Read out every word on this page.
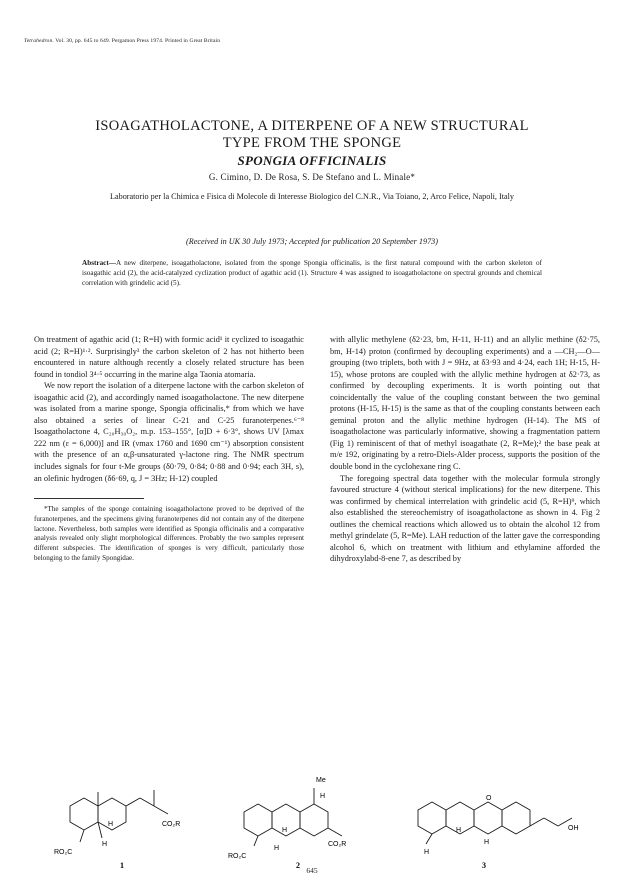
Tetrahedron. Vol. 30, pp. 645 to 649. Pergamon Press 1974. Printed in Great Britain
ISOAGATHOLACTONE, A DITERPENE OF A NEW STRUCTURAL
TYPE FROM THE SPONGE
SPONGIA OFFICINALIS
G. Cimino, D. De Rosa, S. De Stefano and L. Minale*
Laboratorio per la Chimica e Fisica di Molecole di Interesse Biologico del C.N.R., Via Toiano, 2, Arco Felice, Napoli, Italy
(Received in UK 30 July 1973; Accepted for publication 20 September 1973)
Abstract—A new diterpene, isoagatholactone, isolated from the sponge Spongia officinalis, is the first natural compound with the carbon skeleton of isoagathic acid (2), the acid-catalyzed cyclization product of agathic acid (1). Structure 4 was assigned to isoagatholactone on spectral grounds and chemical correlation with grindelic acid (5).

On treatment of agathic acid (1; R=H) with formic acid¹ it cyclized to isoagathic acid (2; R=H)¹·². Surprisingly³ the carbon skeleton of 2 has not hitherto been encountered in nature although recently a closely related structure has been found in tondiol 3⁴·⁵ occurring in the marine alga Taonia atomaria.

We now report the isolation of a diterpene lactone with the carbon skeleton of isoagathic acid (2), and accordingly named isoagatholactone. The new diterpene was isolated from a marine sponge, Spongia officinalis,* from which we have also obtained a series of linear C-21 and C-25 furanoterpenes.⁶⁻⁸ Isoagatholactone 4, C₂₀H₃₀O₂, m.p. 153–155°, [α]D + 6·3°, shows UV [λmax 222 nm (ε = 6,000)] and IR (νmax 1760 and 1690 cm⁻¹) absorption consistent with the presence of an α,β-unsaturated γ-lactone ring. The NMR spectrum includes signals for four t-Me groups (δ0·79, 0·84; 0·88 and 0·94; each 3H, s), an olefinic hydrogen (δ6·69, q, J = 3Hz; H-12) coupled

*The samples of the sponge containing isoagatholactone proved to be deprived of the furanoterpenes, and the specimens giving furanoterpenes did not contain any of the diterpene lactone. Nevertheless, both samples were identified as Spongia officinalis and a comparative analysis revealed only slight morphological differences. Probably the two samples represent different subspecies. The identification of sponges is very difficult, particularly those belonging to the family Spongidae.

with allylic methylene (δ2·23, bm, H-11, H-11) and an allylic methine (δ2·75, bm, H-14) proton (confirmed by decoupling experiments) and a —CH₂—O— grouping (two triplets, both with J = 9Hz, at δ3·93 and 4·24, each 1H; H-15, H-15), whose protons are coupled with the allylic methine hydrogen at δ2·73, as confirmed by decoupling experiments. It is worth pointing out that coincidentally the value of the coupling constant between the two geminal protons (H-15, H-15) is the same as that of the coupling constants between each geminal proton and the allylic methine hydrogen (H-14). The MS of isoagatholactone was particularly informative, showing a fragmentation pattern (Fig 1) reminiscent of that of methyl isoagathate (2, R=Me);² the base peak at m/e 192, originating by a retro-Diels-Alder process, supports the position of the double bond in the cyclohexane ring C.

The foregoing spectral data together with the molecular formula strongly favoured structure 4 (without sterical implications) for the new diterpene. This was confirmed by chemical interrelation with grindelic acid (5, R=H)⁹, which also established the stereochemistry of isoagatholactone as shown in 4. Fig 2 outlines the chemical reactions which allowed us to obtain the alcohol 12 from methyl grindelate (5, R=Me). LAH reduction of the latter gave the corresponding alcohol 6, which on treatment with lithium and ethylamine afforded the dihydroxylabd-8-ene 7, as described by

CO₂R
RO₂C
H
H
1
Me
CO₂R
RO₂C
H
H
H
2
O
OH
H
H
H
3
645
